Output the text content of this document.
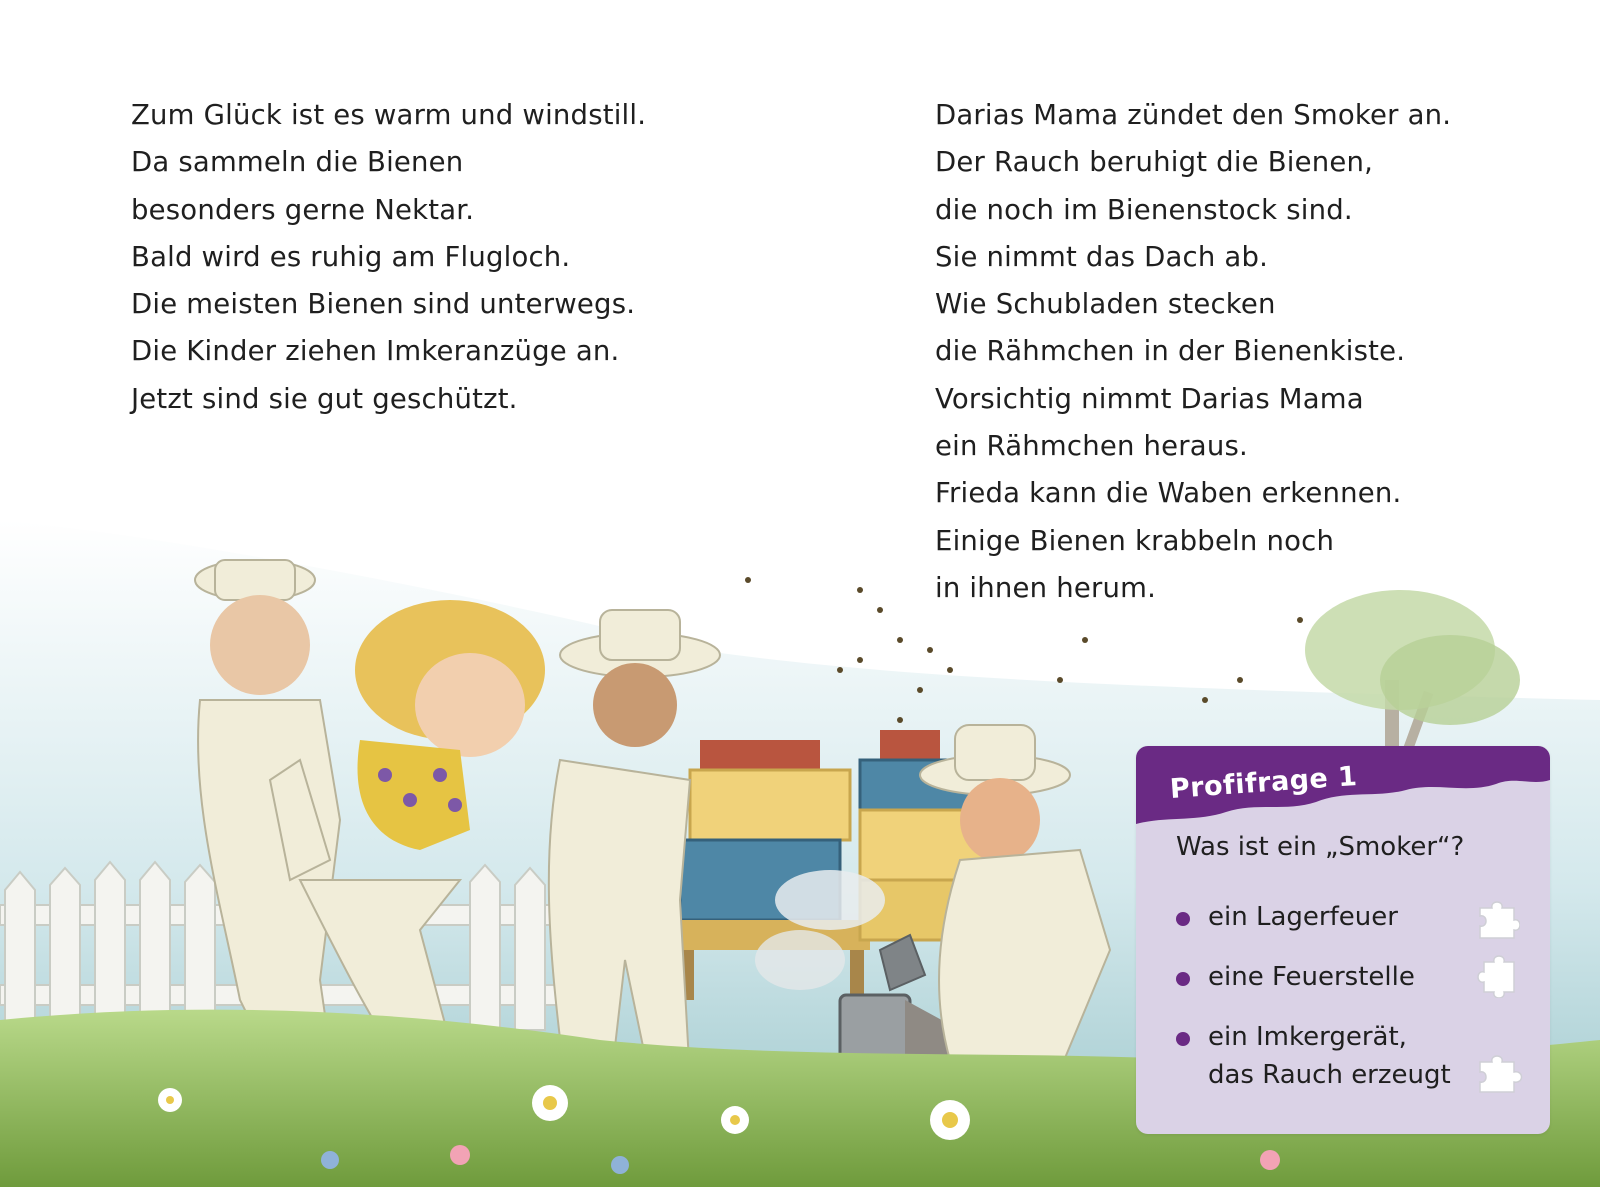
Zum Glück ist es warm und windstill.
Da sammeln die Bienen
besonders gerne Nektar.
Bald wird es ruhig am Flugloch.
Die meisten Bienen sind unterwegs.
Die Kinder ziehen Imkeranzüge an.
Jetzt sind sie gut geschützt.
Darias Mama zündet den Smoker an.
Der Rauch beruhigt die Bienen,
die noch im Bienenstock sind.
Sie nimmt das Dach ab.
Wie Schubladen stecken
die Rähmchen in der Bienenkiste.
Vorsichtig nimmt Darias Mama
ein Rähmchen heraus.
Frieda kann die Waben erkennen.
Einige Bienen krabbeln noch
in ihnen herum.
Profifrage 1
Was ist ein „Smoker“?
ein Lagerfeuer
eine Feuerstelle
ein Imkergerät,
das Rauch erzeugt
